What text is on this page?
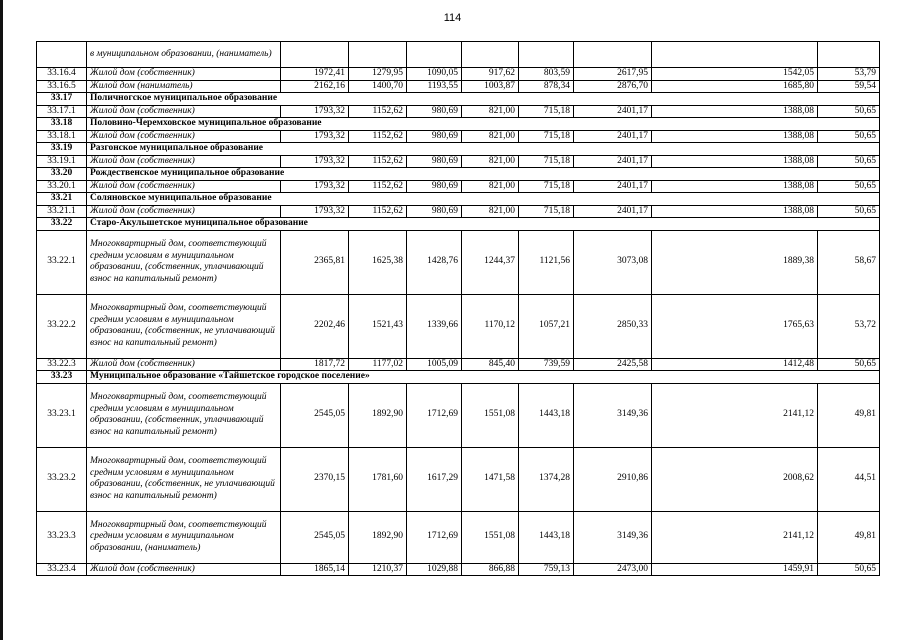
114
	в муниципальном образовании, (наниматель)								
33.16.4	Жилой дом (собственник)	1972,41	1279,95	1090,05	917,62	803,59	2617,95	1542,05	53,79
33.16.5	Жилой дом (наниматель)	2162,16	1400,70	1193,55	1003,87	878,34	2876,70	1685,80	59,54
33.17	Поличногское муниципальное образование								
33.17.1	Жилой дом (собственник)	1793,32	1152,62	980,69	821,00	715,18	2401,17	1388,08	50,65
33.18	Половино-Черемховское муниципальное образование								
33.18.1	Жилой дом (собственник)	1793,32	1152,62	980,69	821,00	715,18	2401,17	1388,08	50,65
33.19	Разгонское муниципальное образование								
33.19.1	Жилой дом (собственник)	1793,32	1152,62	980,69	821,00	715,18	2401,17	1388,08	50,65
33.20	Рождественское муниципальное образование								
33.20.1	Жилой дом (собственник)	1793,32	1152,62	980,69	821,00	715,18	2401,17	1388,08	50,65
33.21	Соляновское муниципальное образование								
33.21.1	Жилой дом (собственник)	1793,32	1152,62	980,69	821,00	715,18	2401,17	1388,08	50,65
33.22	Старо-Акульшетское муниципальное образование								
33.22.1	Многоквартирный дом, соответствующий средним условиям в муниципальном образовании, (собственник, уплачивающий взнос на капитальный ремонт)	2365,81	1625,38	1428,76	1244,37	1121,56	3073,08	1889,38	58,67
33.22.2	Многоквартирный дом, соответствующий средним условиям в муниципальном образовании, (собственник, не уплачивающий взнос на капитальный ремонт)	2202,46	1521,43	1339,66	1170,12	1057,21	2850,33	1765,63	53,72
33.22.3	Жилой дом (собственник)	1817,72	1177,02	1005,09	845,40	739,59	2425,58	1412,48	50,65
33.23	Муниципальное образование «Тайшетское городское поселение»								
33.23.1	Многоквартирный дом, соответствующий средним условиям в муниципальном образовании, (собственник, уплачивающий взнос на капитальный ремонт)	2545,05	1892,90	1712,69	1551,08	1443,18	3149,36	2141,12	49,81
33.23.2	Многоквартирный дом, соответствующий средним условиям в муниципальном образовании, (собственник, не уплачивающий взнос на капитальный ремонт)	2370,15	1781,60	1617,29	1471,58	1374,28	2910,86	2008,62	44,51
33.23.3	Многоквартирный дом, соответствующий средним условиям в муниципальном образовании, (наниматель)	2545,05	1892,90	1712,69	1551,08	1443,18	3149,36	2141,12	49,81
33.23.4	Жилой дом (собственник)	1865,14	1210,37	1029,88	866,88	759,13	2473,00	1459,91	50,65
